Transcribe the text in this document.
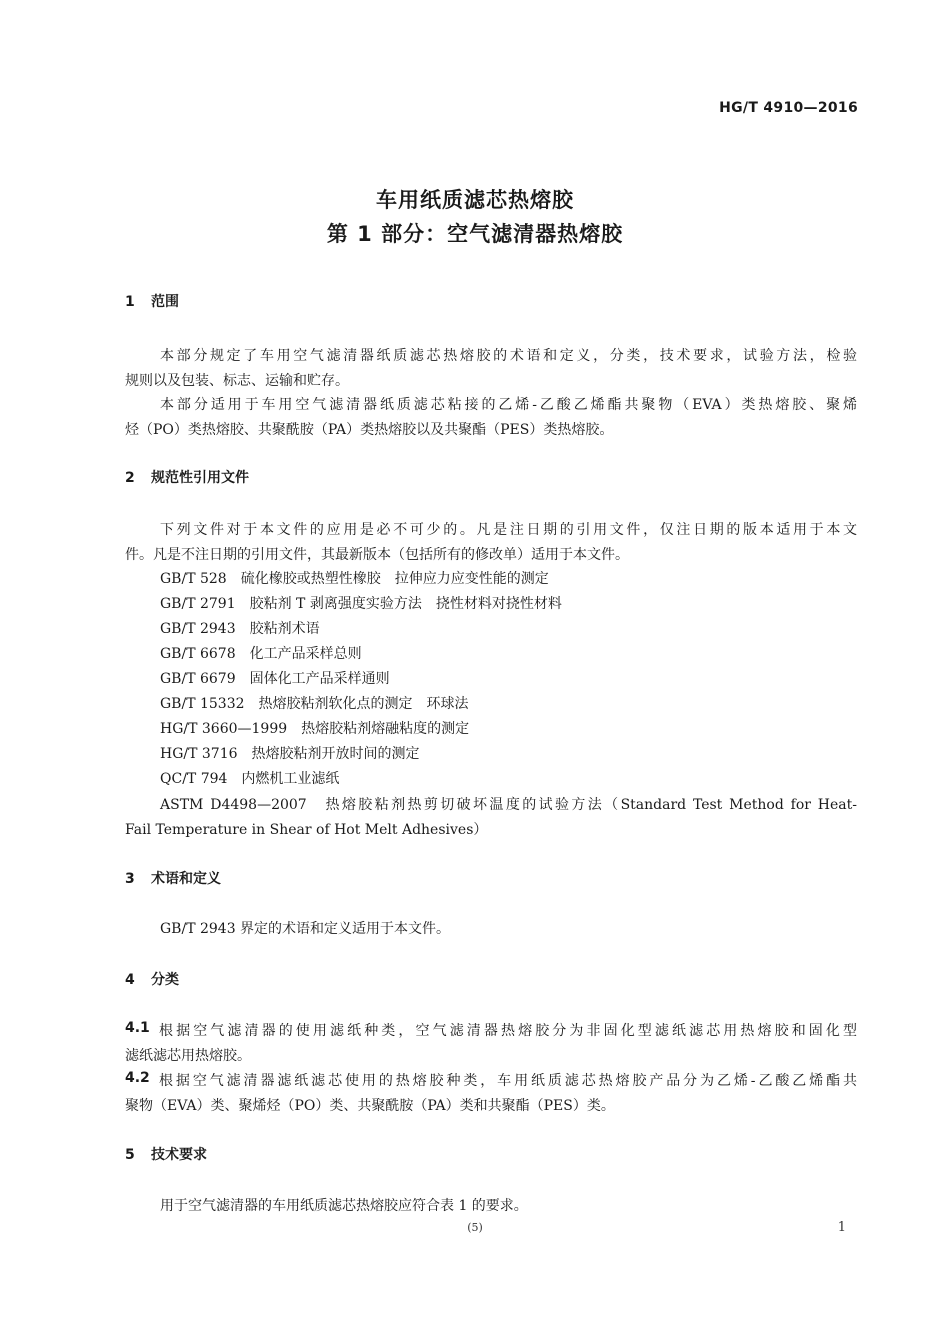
HG/T 4910—2016
车用纸质滤芯热熔胶
第 1 部分：空气滤清器热熔胶
1 范围
本部分规定了车用空气滤清器纸质滤芯热熔胶的术语和定义，分类，技术要求，试验方法，检验
规则以及包装、标志、运输和贮存。
本部分适用于车用空气滤清器纸质滤芯粘接的乙烯-乙酸乙烯酯共聚物（EVA）类热熔胶、聚烯
烃（PO）类热熔胶、共聚酰胺（PA）类热熔胶以及共聚酯（PES）类热熔胶。
2 规范性引用文件
下列文件对于本文件的应用是必不可少的。凡是注日期的引用文件，仅注日期的版本适用于本文
件。凡是不注日期的引用文件，其最新版本（包括所有的修改单）适用于本文件。
GB/T 528 硫化橡胶或热塑性橡胶　拉伸应力应变性能的测定
GB/T 2791 胶粘剂 T 剥离强度实验方法　挠性材料对挠性材料
GB/T 2943 胶粘剂术语
GB/T 6678 化工产品采样总则
GB/T 6679 固体化工产品采样通则
GB/T 15332 热熔胶粘剂软化点的测定　环球法
HG/T 3660—1999 热熔胶粘剂熔融粘度的测定
HG/T 3716 热熔胶粘剂开放时间的测定
QC/T 794 内燃机工业滤纸
ASTM D4498—2007　热熔胶粘剂热剪切破坏温度的试验方法（Standard Test Method for Heat-
Fail Temperature in Shear of Hot Melt Adhesives）
3 术语和定义
GB/T 2943 界定的术语和定义适用于本文件。
4 分类
4.1 根据空气滤清器的使用滤纸种类，空气滤清器热熔胶分为非固化型滤纸滤芯用热熔胶和固化型
滤纸滤芯用热熔胶。
4.2 根据空气滤清器滤纸滤芯使用的热熔胶种类，车用纸质滤芯热熔胶产品分为乙烯-乙酸乙烯酯共
聚物（EVA）类、聚烯烃（PO）类、共聚酰胺（PA）类和共聚酯（PES）类。
5 技术要求
用于空气滤清器的车用纸质滤芯热熔胶应符合表 1 的要求。
(5)	1
